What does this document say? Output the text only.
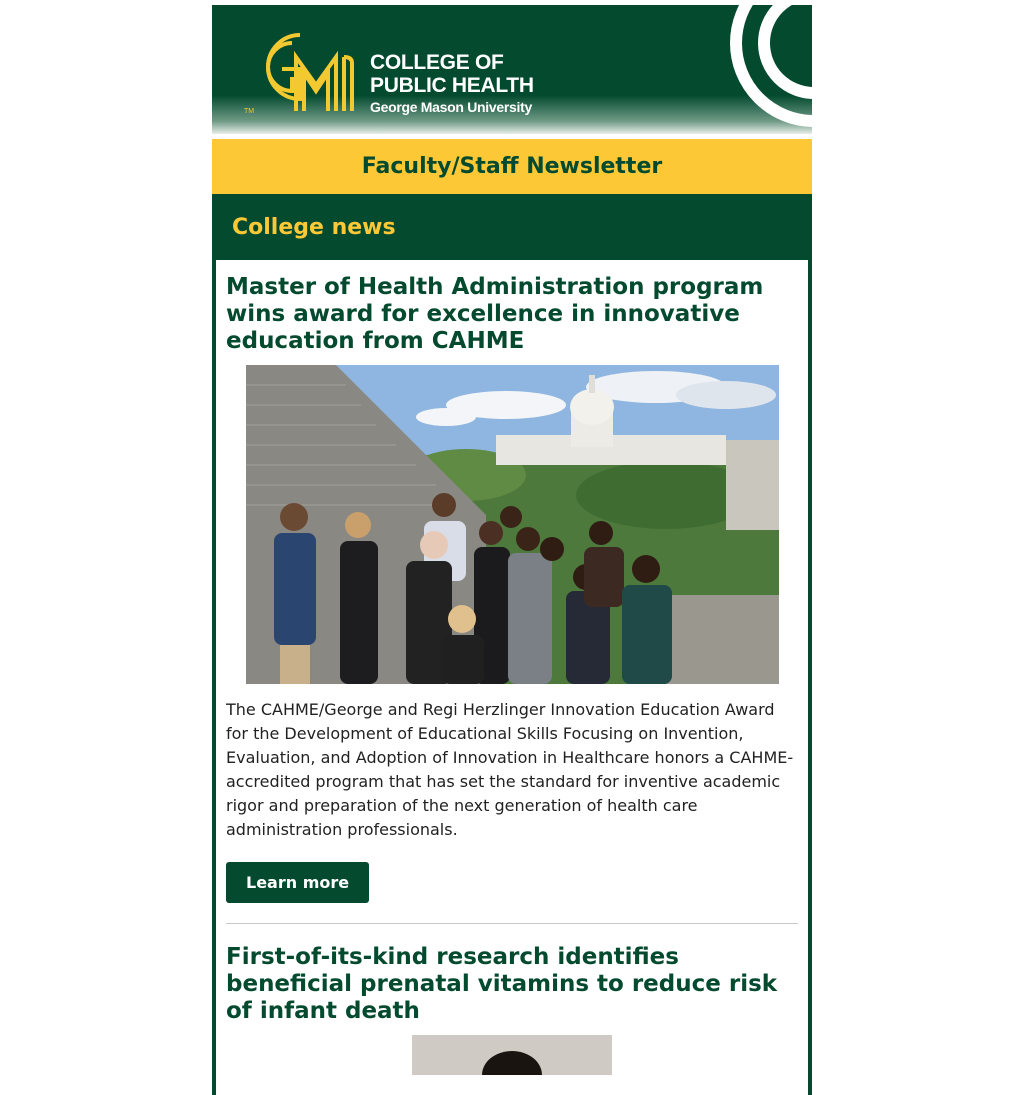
TM
COLLEGE OF
PUBLIC HEALTH
George Mason University
Faculty/Staff Newsletter
College news
Master of Health Administration program wins award for excellence in innovative education from CAHME

The CAHME/George and Regi Herzlinger Innovation Education Award for the Development of Educational Skills Focusing on Invention, Evaluation, and Adoption of Innovation in Healthcare honors a CAHME-accredited program that has set the standard for inventive academic rigor and preparation of the next generation of health care administration professionals.

Learn more
First-of-its-kind research identifies beneficial prenatal vitamins to reduce risk of infant death
